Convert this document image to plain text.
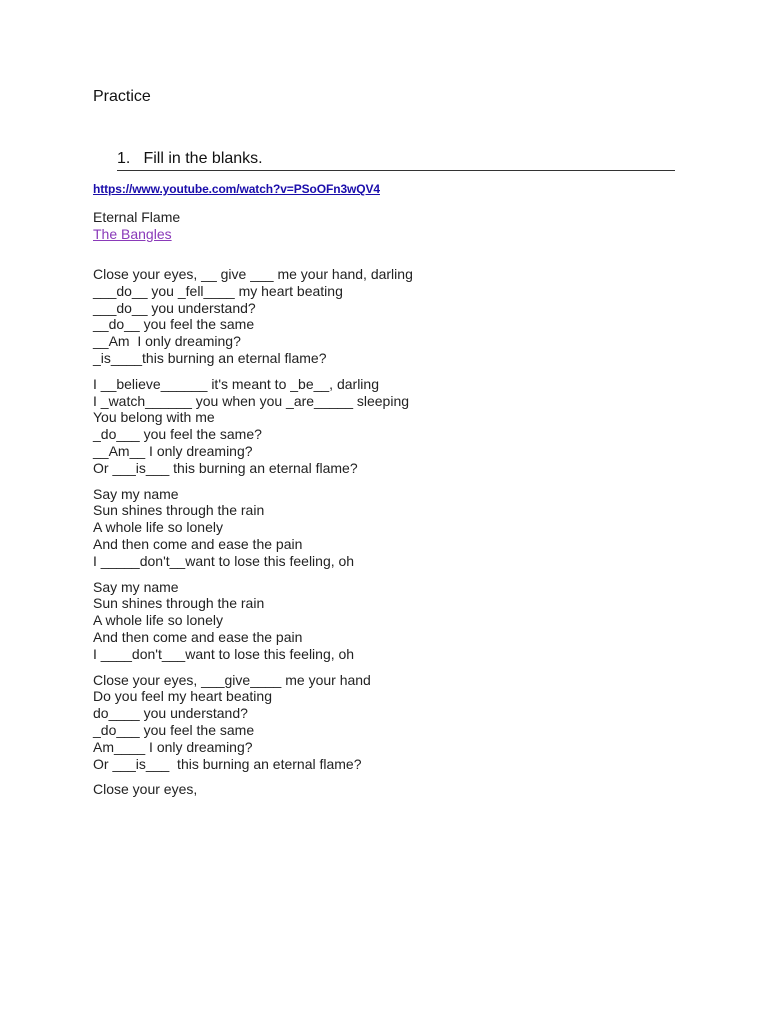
Practice
1. Fill in the blanks.
https://www.youtube.com/watch?v=PSoOFn3wQV4
Eternal Flame
The Bangles
Close your eyes, __ give ___ me your hand, darling
___do__ you _fell____ my heart beating
___do__ you understand?
__do__ you feel the same
__Am  I only dreaming?
_is____this burning an eternal flame?
I __believe______ it's meant to _be__, darling
I _watch______ you when you _are_____ sleeping
You belong with me
_do___ you feel the same?
__Am__ I only dreaming?
Or ___is___ this burning an eternal flame?
Say my name
Sun shines through the rain
A whole life so lonely
And then come and ease the pain
I _____don't__want to lose this feeling, oh
Say my name
Sun shines through the rain
A whole life so lonely
And then come and ease the pain
I ____don't___want to lose this feeling, oh
Close your eyes, ___give____ me your hand
Do you feel my heart beating
do____ you understand?
_do___ you feel the same
Am____ I only dreaming?
Or ___is___  this burning an eternal flame?
Close your eyes,
